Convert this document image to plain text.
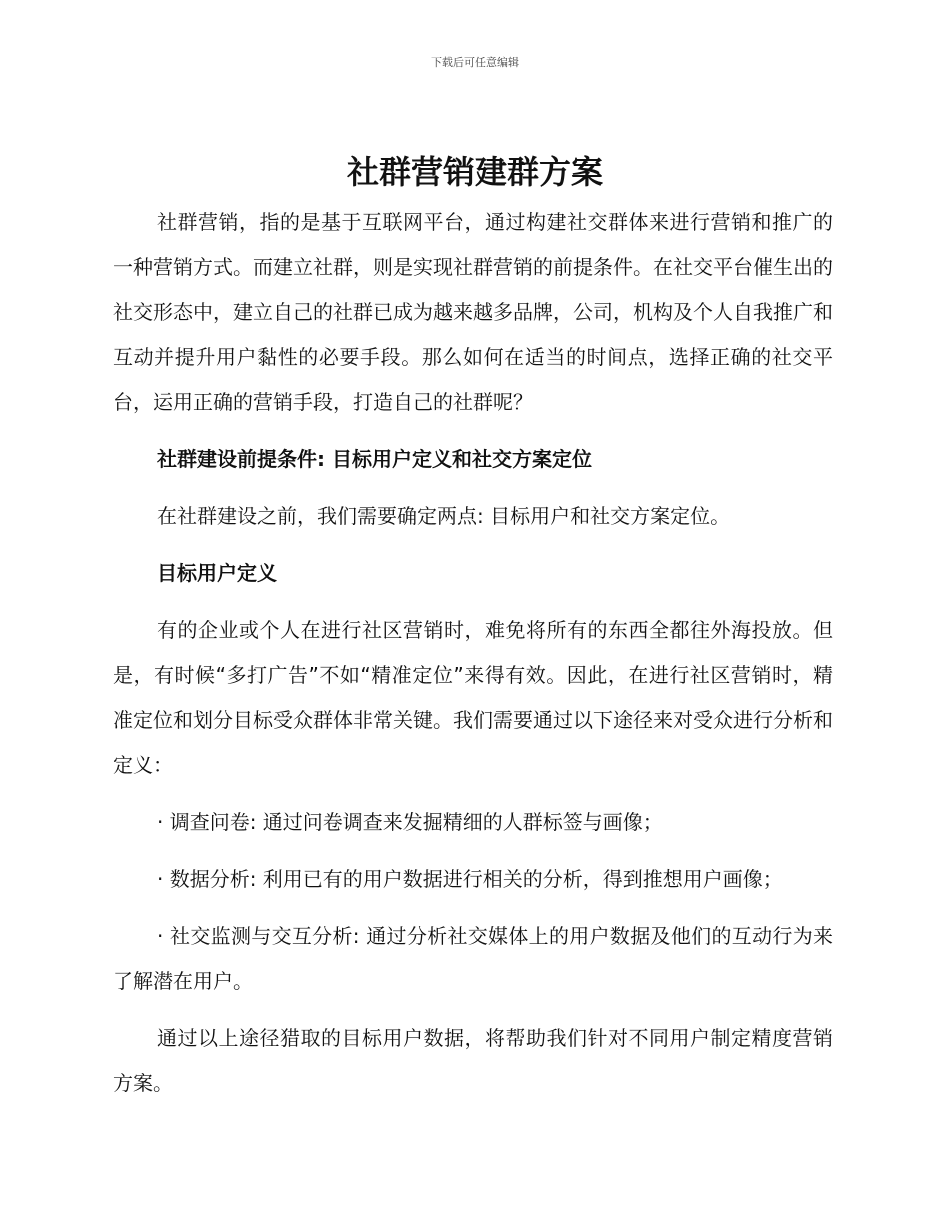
下载后可任意编辑
社群营销建群方案

社群营销，指的是基于互联网平台，通过构建社交群体来进行营销和推广的一种营销方式。而建立社群，则是实现社群营销的前提条件。在社交平台催生出的社交形态中，建立自己的社群已成为越来越多品牌，公司，机构及个人自我推广和互动并提升用户黏性的必要手段。那么如何在适当的时间点，选择正确的社交平台，运用正确的营销手段，打造自己的社群呢？

社群建设前提条件: 目标用户定义和社交方案定位

在社群建设之前，我们需要确定两点: 目标用户和社交方案定位。

目标用户定义

有的企业或个人在进行社区营销时，难免将所有的东西全都往外海投放。但是，有时候“多打广告”不如“精准定位”来得有效。因此，在进行社区营销时，精准定位和划分目标受众群体非常关键。我们需要通过以下途径来对受众进行分析和定义：

· 调查问卷: 通过问卷调查来发掘精细的人群标签与画像；

· 数据分析: 利用已有的用户数据进行相关的分析，得到推想用户画像；

· 社交监测与交互分析: 通过分析社交媒体上的用户数据及他们的互动行为来了解潜在用户。

通过以上途径猎取的目标用户数据，将帮助我们针对不同用户制定精度营销方案。
